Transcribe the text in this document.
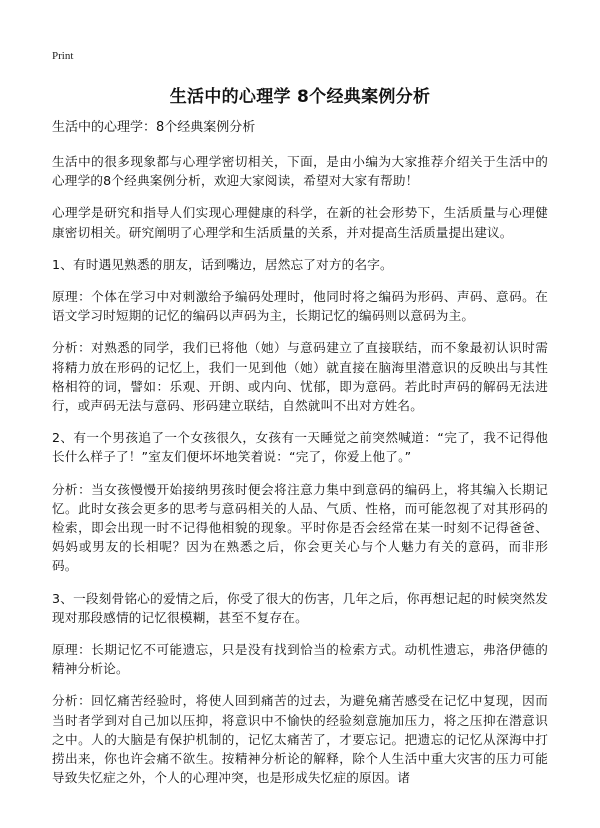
Print
生活中的心理学 8个经典案例分析
生活中的心理学：8个经典案例分析

生活中的很多现象都与心理学密切相关，下面，是由小编为大家推荐介绍关于生活中的心理学的8个经典案例分析，欢迎大家阅读，希望对大家有帮助！

心理学是研究和指导人们实现心理健康的科学，在新的社会形势下，生活质量与心理健康密切相关。研究阐明了心理学和生活质量的关系，并对提高生活质量提出建议。

1、有时遇见熟悉的朋友，话到嘴边，居然忘了对方的名字。

原理：个体在学习中对刺激给予编码处理时，他同时将之编码为形码、声码、意码。在语文学习时短期的记忆的编码以声码为主，长期记忆的编码则以意码为主。

分析：对熟悉的同学，我们已将他（她）与意码建立了直接联结，而不象最初认识时需将精力放在形码的记忆上，我们一见到他（她）就直接在脑海里潜意识的反映出与其性格相符的词，譬如：乐观、开朗、或内向、忧郁，即为意码。若此时声码的解码无法进行，或声码无法与意码、形码建立联结，自然就叫不出对方姓名。

2、有一个男孩追了一个女孩很久，女孩有一天睡觉之前突然喊道：“完了，我不记得他长什么样子了！”室友们便坏坏地笑着说：“完了，你爱上他了。”

分析：当女孩慢慢开始接纳男孩时便会将注意力集中到意码的编码上，将其编入长期记忆。此时女孩会更多的思考与意码相关的人品、气质、性格，而可能忽视了对其形码的检索，即会出现一时不记得他相貌的现象。平时你是否会经常在某一时刻不记得爸爸、妈妈或男友的长相呢？因为在熟悉之后，你会更关心与个人魅力有关的意码，而非形码。

3、一段刻骨铭心的爱情之后，你受了很大的伤害，几年之后，你再想记起的时候突然发现对那段感情的记忆很模糊，甚至不复存在。

原理：长期记忆不可能遗忘，只是没有找到恰当的检索方式。动机性遗忘，弗洛伊德的精神分析论。

分析：回忆痛苦经验时，将使人回到痛苦的过去，为避免痛苦感受在记忆中复现，因而当时者学到对自己加以压抑，将意识中不愉快的经验刻意施加压力，将之压抑在潜意识之中。人的大脑是有保护机制的，记忆太痛苦了，才要忘记。把遗忘的记忆从深海中打捞出来，你也许会痛不欲生。按精神分析论的解释，除个人生活中重大灾害的压力可能导致失忆症之外，个人的心理冲突，也是形成失忆症的原因。诸
